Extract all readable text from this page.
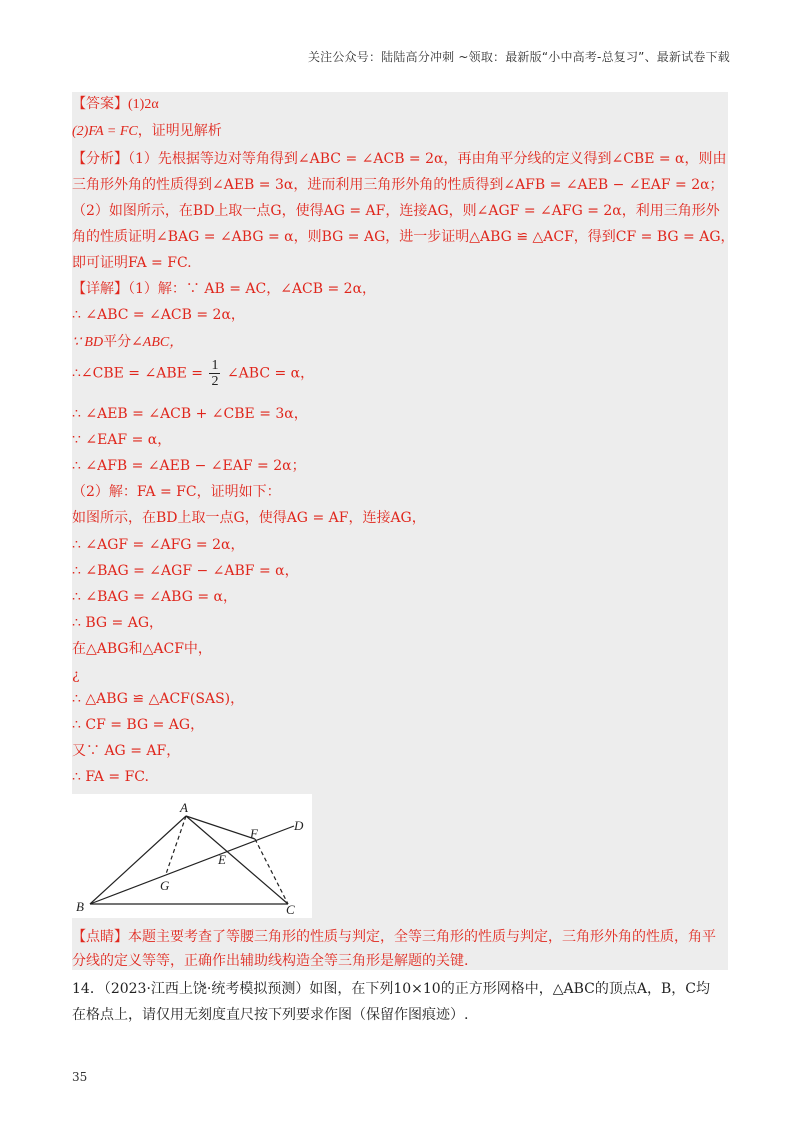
关注公众号：陆陆高分冲刺 ~领取：最新版“小中高考-总复习”、最新试卷下载
【答案】(1)2α
(2)FA = FC，证明见解析
【分析】（1）先根据等边对等角得到∠ABC = ∠ACB = 2α，再由角平分线的定义得到∠CBE = α，则由
三角形外角的性质得到∠AEB = 3α，进而利用三角形外角的性质得到∠AFB = ∠AEB − ∠EAF = 2α；
（2）如图所示，在BD上取一点G，使得AG = AF，连接AG，则∠AGF = ∠AFG = 2α，利用三角形外
角的性质证明∠BAG = ∠ABG = α，则BG = AG，进一步证明△ABG ≌ △ACF，得到CF = BG = AG，
即可证明FA = FC.
【详解】（1）解：∵ AB = AC，∠ACB = 2α，
∴ ∠ABC = ∠ACB = 2α，
∵ BD平分∠ABC，
∴∠CBE = ∠ABE = $\frac{1}{2}$ ∠ABC = α，
∴ ∠AEB = ∠ACB + ∠CBE = 3α，
∵ ∠EAF = α，
∴ ∠AFB = ∠AEB − ∠EAF = 2α；
（2）解：FA = FC，证明如下：
如图所示，在BD上取一点G，使得AG = AF，连接AG，
∴ ∠AGF = ∠AFG = 2α，
∴ ∠BAG = ∠AGF − ∠ABF = α，
∴ ∠BAG = ∠ABG = α，
∴ BG = AG，
在△ABG和△ACF中，
¿
∴ △ABG ≌ △ACF(SAS)，
∴ CF = BG = AG，
又∵ AG = AF，
∴ FA = FC.
A
B	C
D
E
F
G
【点睛】本题主要考查了等腰三角形的性质与判定，全等三角形的性质与判定，三角形外角的性质，角平
分线的定义等等，正确作出辅助线构造全等三角形是解题的关键.
14．（2023·江西上饶·统考模拟预测）如图，在下列10×10的正方形网格中，△ABC的顶点A，B，C均
在格点上，请仅用无刻度直尺按下列要求作图（保留作图痕迹）.
35
